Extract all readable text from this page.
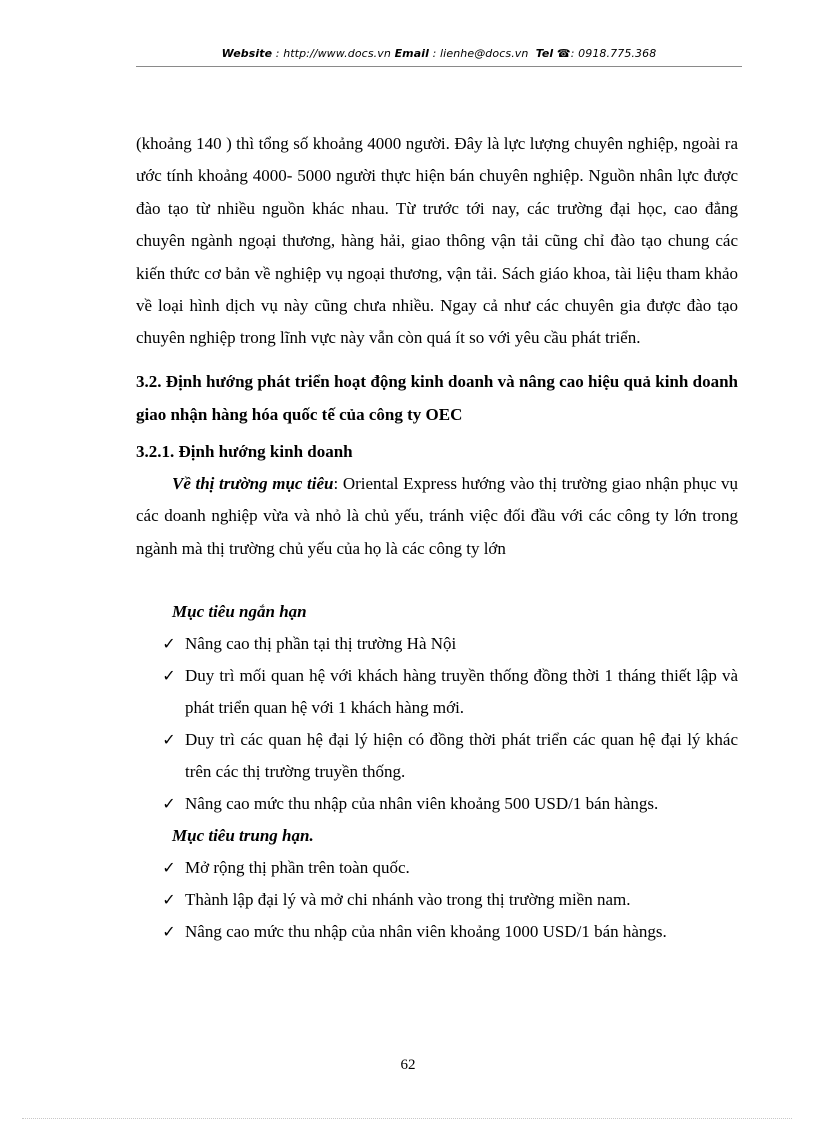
Website : http://www.docs.vn Email : lienhe@docs.vn Tel ☎: 0918.775.368

(khoảng 140 ) thì tổng số khoảng 4000 người. Đây là lực lượng chuyên nghiệp, ngoài ra ước tính khoảng 4000- 5000 người thực hiện bán chuyên nghiệp. Nguồn nhân lực được đào tạo từ nhiều nguồn khác nhau. Từ trước tới nay, các trường đại học, cao đẳng chuyên ngành ngoại thương, hàng hải, giao thông vận tải cũng chỉ đào tạo chung các kiến thức cơ bản về nghiệp vụ ngoại thương, vận tải. Sách giáo khoa, tài liệu tham khảo về loại hình dịch vụ này cũng chưa nhiều. Ngay cả như các chuyên gia được đào tạo chuyên nghiệp trong lĩnh vực này vẫn còn quá ít so với yêu cầu phát triển.

3.2. Định hướng phát triển hoạt động kinh doanh và nâng cao hiệu quả kinh doanh giao nhận hàng hóa quốc tế của công ty OEC

3.2.1. Định hướng kinh doanh

Về thị trường mục tiêu: Oriental Express hướng vào thị trường giao nhận phục vụ các doanh nghiệp vừa và nhỏ là chủ yếu, tránh việc đối đầu với các công ty lớn trong ngành mà thị trường chủ yếu của họ là các công ty lớn

Mục tiêu ngắn hạn

✓ Nâng cao thị phần tại thị trường Hà Nội
✓ Duy trì mối quan hệ với khách hàng truyền thống đồng thời 1 tháng thiết lập và phát triển quan hệ với 1 khách hàng mới.
✓ Duy trì các quan hệ đại lý hiện có đồng thời phát triển các quan hệ đại lý khác trên các thị trường truyền thống.
✓ Nâng cao mức thu nhập của nhân viên khoảng 500 USD/1 bán hàngs.

Mục tiêu trung hạn.

✓ Mở rộng thị phần trên toàn quốc.
✓ Thành lập đại lý và mở chi nhánh vào trong thị trường miền nam.
✓ Nâng cao mức thu nhập của nhân viên khoảng 1000 USD/1 bán hàngs.
62
